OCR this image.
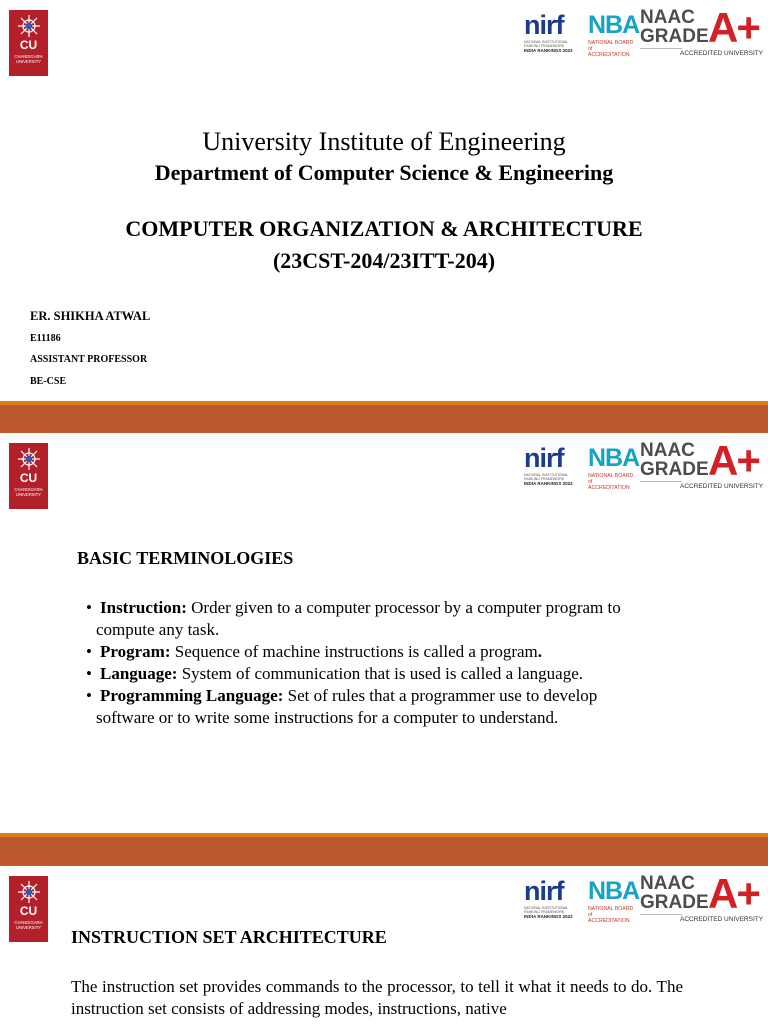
CU
CHANDIGARH UNIVERSITY
nirf
NATIONAL INSTITUTIONAL RANKING FRAMEWORK
INDIA RANKINGS 2022
NBA
NATIONAL BOARD
of ACCREDITATION
NAAC
GRADE A+
ACCREDITED UNIVERSITY
University Institute of Engineering
Department of Computer Science & Engineering
COMPUTER ORGANIZATION & ARCHITECTURE
(23CST-204/23ITT-204)
ER. SHIKHA ATWAL
E11186
ASSISTANT PROFESSOR
BE-CSE
CU
CHANDIGARH UNIVERSITY
nirf
NATIONAL INSTITUTIONAL RANKING FRAMEWORK
INDIA RANKINGS 2022
NBA
NATIONAL BOARD
of ACCREDITATION
NAAC
GRADE A+
ACCREDITED UNIVERSITY
BASIC TERMINOLOGIES
• Instruction: Order given to a computer processor by a computer program to
compute any task.
• Program: Sequence of machine instructions is called a program.
• Language: System of communication that is used is called a language.
• Programming Language: Set of rules that a programmer use to develop
software or to write some instructions for a computer to understand.
CU
CHANDIGARH UNIVERSITY
nirf
NATIONAL INSTITUTIONAL RANKING FRAMEWORK
INDIA RANKINGS 2022
NBA
NATIONAL BOARD
of ACCREDITATION
NAAC
GRADE A+
ACCREDITED UNIVERSITY
INSTRUCTION SET ARCHITECTURE
The instruction set provides commands to the processor, to tell it what it needs to do. The instruction set consists of addressing modes, instructions, native
